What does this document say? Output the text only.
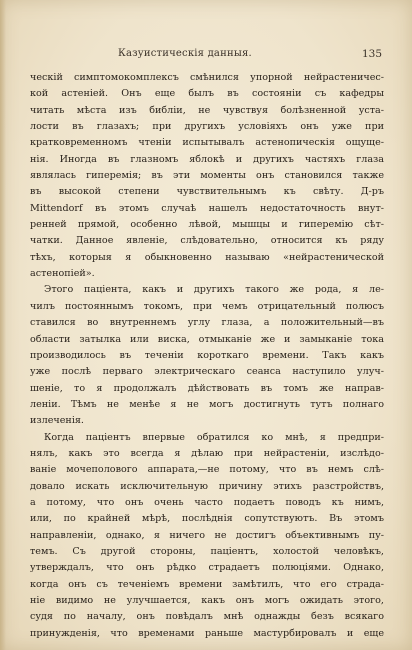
Казуистическія данныя.	135
ческій симптомокомплексъ смѣнился упорной нейрастеничес-
кой астеніей. Онъ еще былъ въ состояніи съ кафедры
читать мѣста изъ библіи, не чувствуя болѣзненной уста-
лости въ глазахъ; при другихъ условіяхъ онъ уже при
кратковременномъ чтеніи испытывалъ астенопическія ощуще-
нія. Иногда въ глазномъ яблокѣ и другихъ частяхъ глаза
являлась гиперемія; въ эти моменты онъ становился также
въ высокой степени чувствительнымъ къ свѣту. Д-ръ
Mittendorf въ этомъ случаѣ нашелъ недостаточность внут-
ренней прямой, особенно лѣвой, мышцы и гиперемію сѣт-
чатки. Данное явленіе, слѣдовательно, относится къ ряду
тѣхъ, которыя я обыкновенно называю «нейрастенической
астенопіей».
Этого паціента, какъ и другихъ такого же рода, я ле-
чилъ постояннымъ токомъ, при чемъ отрицательный полюсъ
ставился во внутреннемъ углу глаза, а положительный—въ
области затылка или виска, отмыканіе же и замыканіе тока
производилось въ теченіи короткаго времени. Такъ какъ
уже послѣ перваго электрическаго сеанса наступило улуч-
шеніе, то я продолжалъ дѣйствовать въ томъ же направ-
леніи. Тѣмъ не менѣе я не могъ достигнуть тутъ полнаго
излеченія.
Когда паціентъ впервые обратился ко мнѣ, я предпри-
нялъ, какъ это всегда я дѣлаю при нейрастеніи, изслѣдо-
ваніе мочеполового аппарата,—не потому, что въ немъ слѣ-
довало искать исключительную причину этихъ разстройствъ,
а потому, что онъ очень часто подаетъ поводъ къ нимъ,
или, по крайней мѣрѣ, послѣднія сопутствуютъ. Въ этомъ
направленіи, однако, я ничего не достигъ объективнымъ пу-
темъ. Съ другой стороны, паціентъ, холостой человѣкъ,
утверждалъ, что онъ рѣдко страдаетъ полюціями. Однако,
когда онъ съ теченіемъ времени замѣтилъ, что его страда-
ніе видимо не улучшается, какъ онъ могъ ожидать этого,
судя по началу, онъ повѣдалъ мнѣ однажды безъ всякаго
принужденія, что временами раньше мастурбировалъ и еще
